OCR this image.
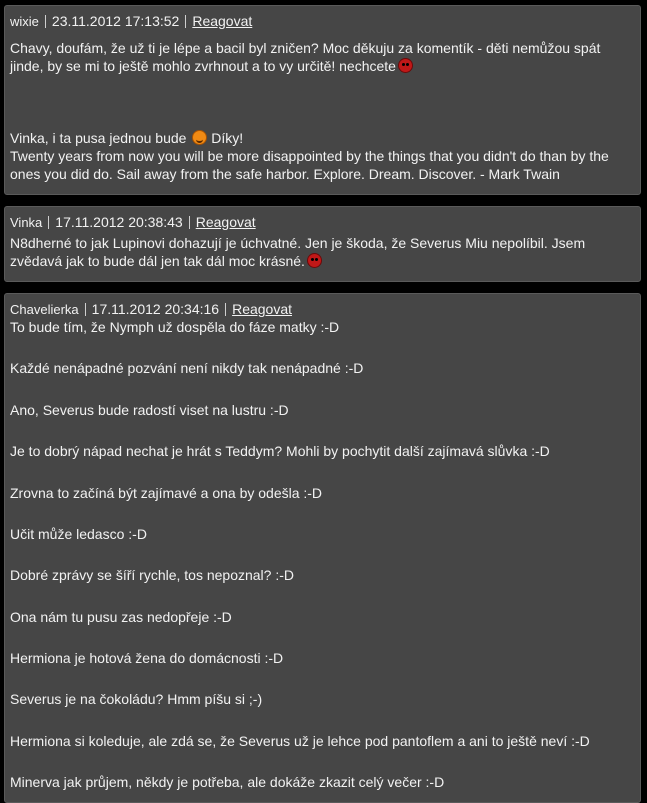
wixie 23.11.2012 17:13:52 Reagovat

Chavy, doufám, že už ti je lépe a bacil byl zničen? Moc děkuju za komentík - děti nemůžou spát jinde, by se mi to ještě mohlo zvrhnout a to vy určitě! nechcete

Vinka, i ta pusa jednou bude Díky!

Twenty years from now you will be more disappointed by the things that you didn't do than by the ones you did do. Sail away from the safe harbor. Explore. Dream. Discover. - Mark Twain

Vinka 17.11.2012 20:38:43 Reagovat

N8dherné to jak Lupinovi dohazují je úchvatné. Jen je škoda, že Severus Miu nepolíbil. Jsem zvědavá jak to bude dál jen tak dál moc krásné.

Chavelierka 17.11.2012 20:34:16 Reagovat
To bude tím, že Nymph už dospěla do fáze matky :-D
Každé nenápadné pozvání není nikdy tak nenápadné :-D
Ano, Severus bude radostí viset na lustru :-D
Je to dobrý nápad nechat je hrát s Teddym? Mohli by pochytit další zajímavá slůvka :-D
Zrovna to začíná být zajímavé a ona by odešla :-D
Učit může ledasco :-D
Dobré zprávy se šíří rychle, tos nepoznal? :-D
Ona nám tu pusu zas nedopřeje :-D
Hermiona je hotová žena do domácnosti :-D
Severus je na čokoládu? Hmm píšu si ;-)
Hermiona si koleduje, ale zdá se, že Severus už je lehce pod pantoflem a ani to ještě neví :-D
Minerva jak průjem, někdy je potřeba, ale dokáže zkazit celý večer :-D
